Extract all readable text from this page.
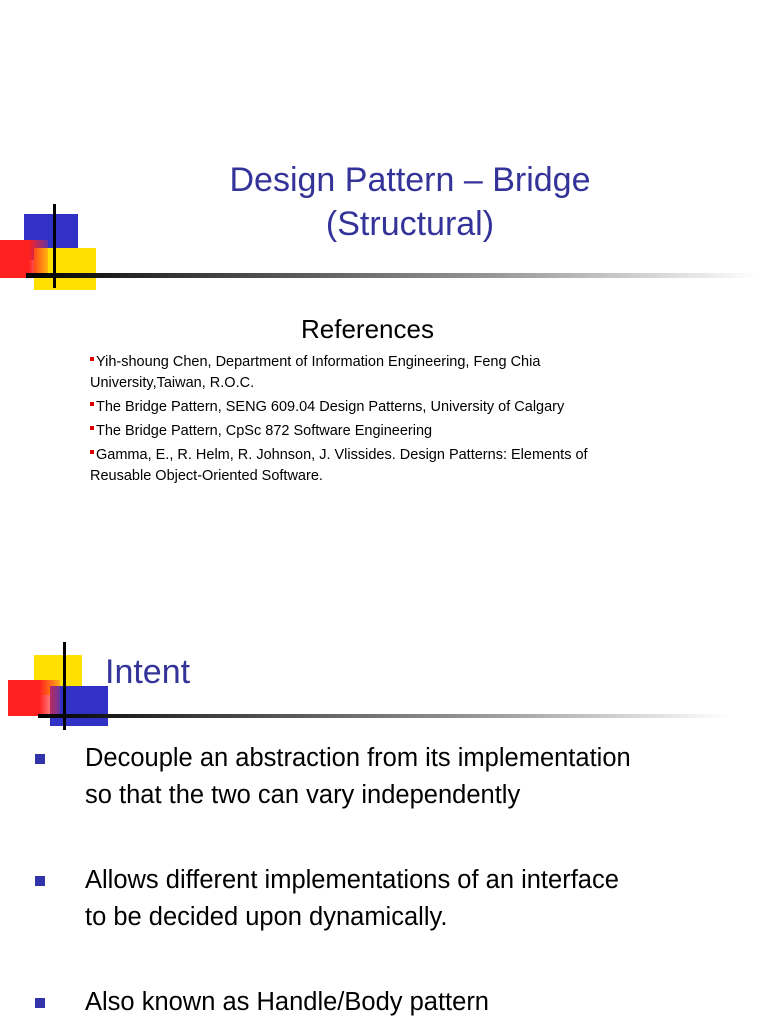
Design Pattern – Bridge
(Structural)
References
Yih-shoung Chen, Department of Information Engineering, Feng Chia
University,Taiwan, R.O.C.
The Bridge Pattern, SENG 609.04 Design Patterns, University of Calgary
The Bridge Pattern, CpSc 872 Software Engineering
Gamma, E., R. Helm, R. Johnson, J. Vlissides. Design Patterns: Elements of
Reusable Object-Oriented Software.
Intent
Decouple an abstraction from its implementation
so that the two can vary independently
Allows different implementations of an interface
to be decided upon dynamically.
Also known as Handle/Body pattern
